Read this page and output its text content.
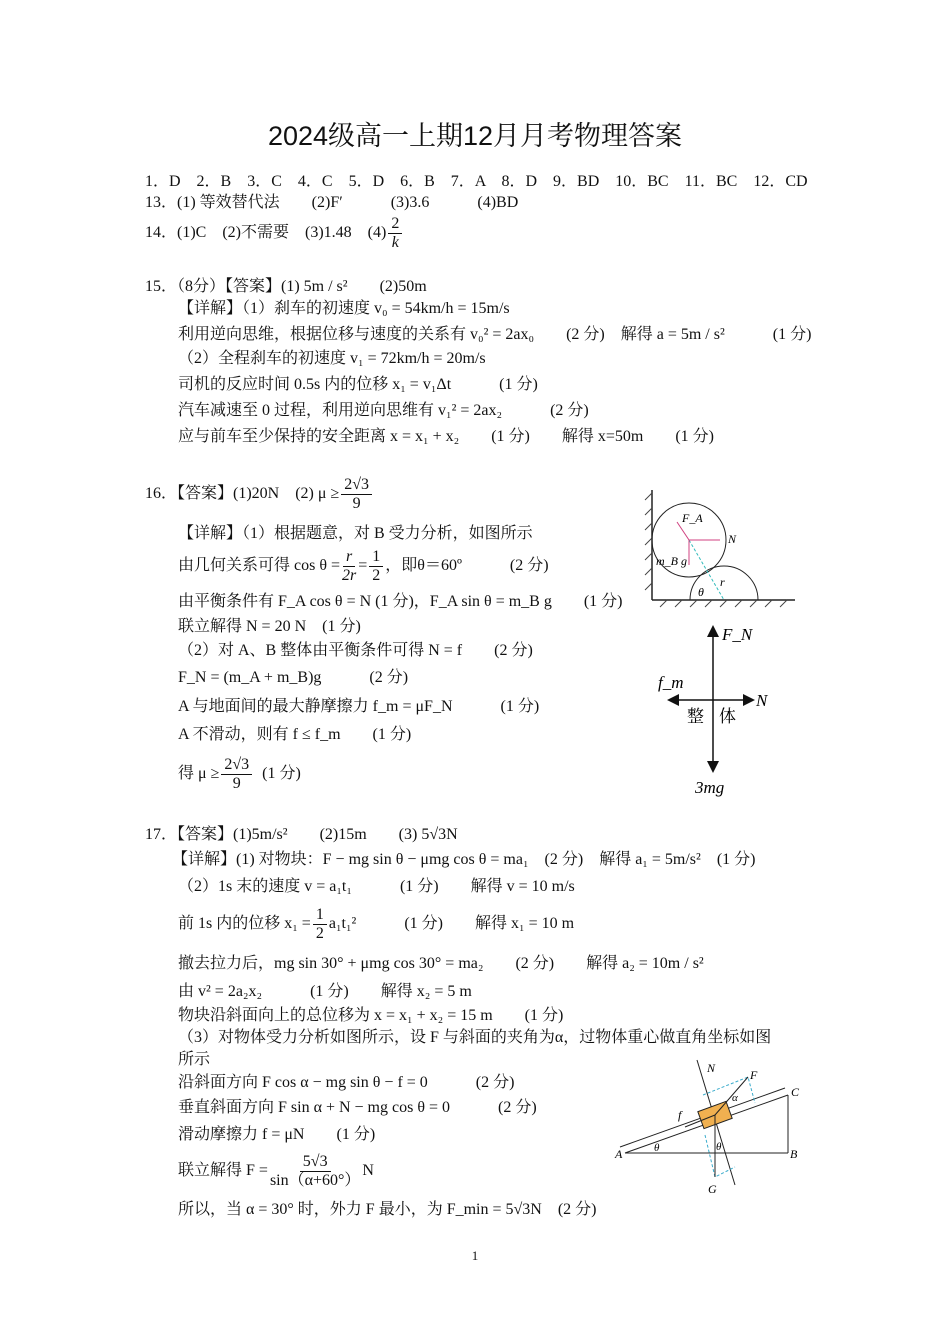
2024级高一上期12月月考物理答案
1．D　2．B　3．C　4．C　5．D　6．B　7．A　8．D　9．BD　10．BC　11．BC　12．CD
13．(1) 等效替代法　　(2)F′　　　(3)3.6　　　(4)BD
14．(1)C　(2)不需要　(3)1.48　$(4) \frac{2}{k}$
15．（8分）【答案】(1) 5m / s²　　(2)50m
【详解】（1）刹车的初速度 v₀ = 54km/h = 15m/s
利用逆向思维，根据位移与速度的关系有 v₀² = 2ax₀　　(2 分)　解得 a = 5m / s²　　　(1 分)
（2）全程刹车的初速度 v₁ = 72km/h = 20m/s
司机的反应时间 0.5s 内的位移 x₁ = v₁Δt　　　(1 分)
汽车减速至 0 过程，利用逆向思维有 v₁² = 2ax₂　　　(2 分)
应与前车至少保持的安全距离 x = x₁ + x₂　　(1 分)　　解得 x=50m　　(1 分)
16．【答案】(1)20N　(2) $\mu \ge \frac{2√3}{9}$
【详解】（1）根据题意，对 B 受力分析，如图所示
由几何关系可得 $\cos \theta = \frac{r}{2r} = \frac{1}{2}$ ，即θ＝60º　　　(2 分)
由平衡条件有 F_A cos θ = N (1 分)，F_A sin θ = m_B g　　(1 分)
联立解得 N = 20 N　(1 分)
（2）对 A、B 整体由平衡条件可得 N = f　　(2 分)
F_N = (m_A + m_B)g　　　(2 分)
A 与地面间的最大静摩擦力 f_m = μF_N　　　(1 分)
A 不滑动，则有 f ≤ f_m　　(1 分)
得 $\mu \ge \frac{2√3}{9} (1$ 分)
F_A
N
m_B g
r
θ
F_N
f_m
N
整 体
3mg
17．【答案】(1)5m/s²　　(2)15m　　(3) 5√3N
【详解】(1) 对物块：F − mg sin θ − μmg cos θ = ma₁　(2 分)　解得 a₁ = 5m/s²　(1 分)
（2）1s 末的速度 v = a₁t₁　　　(1 分)　　解得 v = 10 m/s
前 1s 内的位移 $x_1 = \frac{1}{2} a_1t_1^2$　　　(1 分)　　解得 x₁ = 10 m
撤去拉力后，mg sin 30° + μmg cos 30° = ma₂　　(2 分)　　解得 a₂ = 10m / s²
由 v² = 2a₂x₂　　　(1 分)　　解得 x₂ = 5 m
物块沿斜面向上的总位移为 x = x₁ + x₂ = 15 m　　(1 分)
（3）对物体受力分析如图所示，设 F 与斜面的夹角为α，过物体重心做直角坐标如图
所示
沿斜面方向 F cos α − mg sin θ − f = 0　　　(2 分)
垂直斜面方向 F sin α + N − mg cos θ = 0　　　(2 分)
滑动摩擦力 f = μN　　(1 分)
联立解得 $F = \frac{5√3}{\sin(\alpha+60^\circ)}$ N
所以，当 α = 30° 时，外力 F 最小，为 F_min = 5√3N　(2 分)
N	F
α	C
f
A	θ	θ	B
G
1
